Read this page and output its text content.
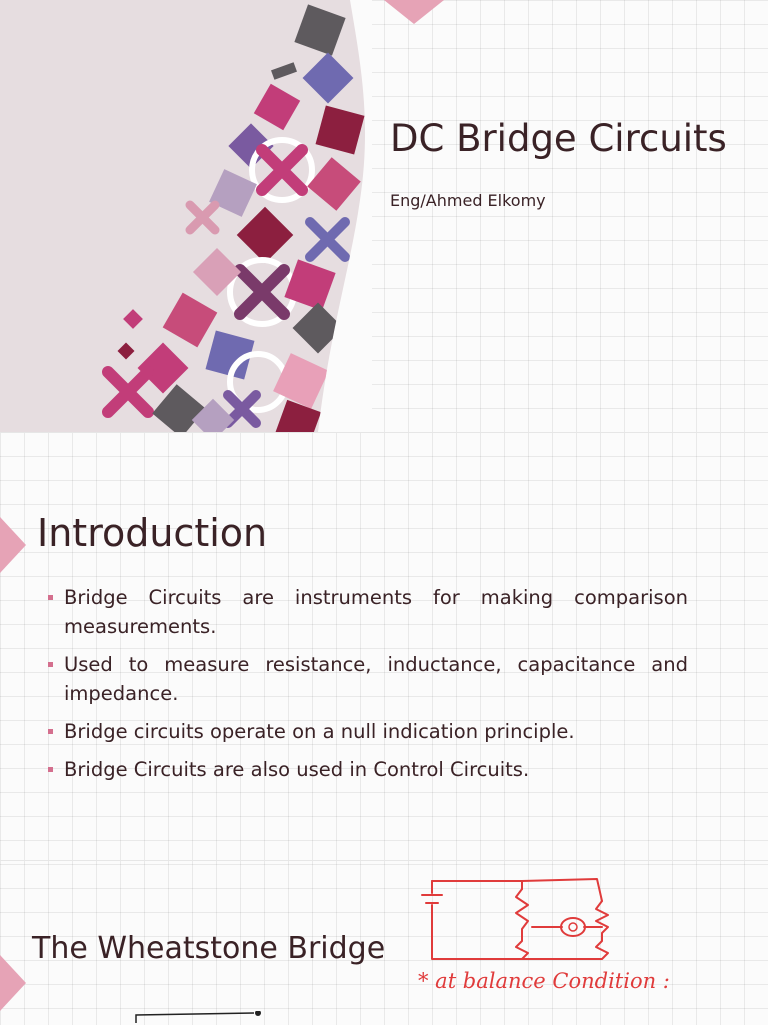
DC Bridge Circuits
Eng/Ahmed Elkomy
Introduction
Bridge Circuits are instruments for making comparison measurements.
Used to measure resistance, inductance, capacitance and impedance.
Bridge circuits operate on a null indication principle.
Bridge Circuits are also used in Control Circuits.
The Wheatstone Bridge
* at balance Condition :
